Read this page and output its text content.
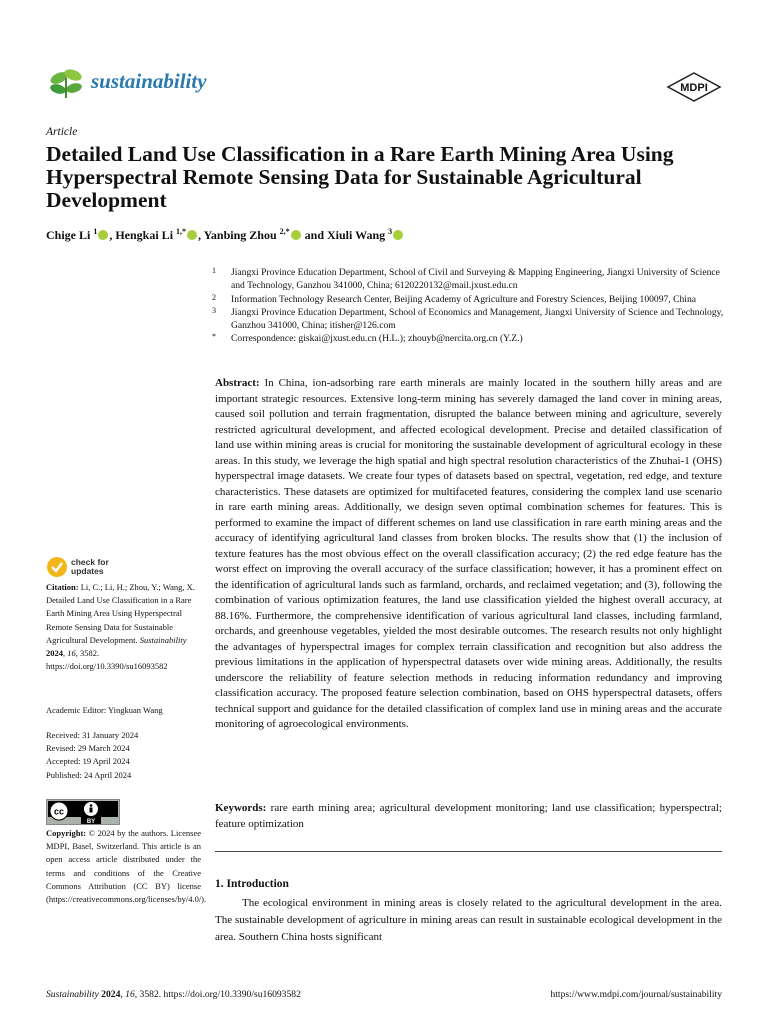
sustainability	MDPI
Article
Detailed Land Use Classification in a Rare Earth Mining Area Using Hyperspectral Remote Sensing Data for Sustainable Agricultural Development
Chige Li $^1$ , Hengkai Li $^{1,*}$ , Yanbing Zhou $^{2,*}$ and Xiuli Wang $^3$
1 Jiangxi Province Education Department, School of Civil and Surveying & Mapping Engineering, Jiangxi University of Science and Technology, Ganzhou 341000, China; 6120220132@mail.jxust.edu.cn
2 Information Technology Research Center, Beijing Academy of Agriculture and Forestry Sciences, Beijing 100097, China
3 Jiangxi Province Education Department, School of Economics and Management, Jiangxi University of Science and Technology, Ganzhou 341000, China; itisher@126.com
* Correspondence: giskai@jxust.edu.cn (H.L.); zhouyb@nercita.org.cn (Y.Z.)
Abstract: In China, ion-adsorbing rare earth minerals are mainly located in the southern hilly areas and are important strategic resources. Extensive long-term mining has severely damaged the land cover in mining areas, caused soil pollution and terrain fragmentation, disrupted the balance between mining and agriculture, severely restricted agricultural development, and affected ecological development. Precise and detailed classification of land use within mining areas is crucial for monitoring the sustainable development of agricultural ecology in these areas. In this study, we leverage the high spatial and high spectral resolution characteristics of the Zhuhai-1 (OHS) hyperspectral image datasets. We create four types of datasets based on spectral, vegetation, red edge, and texture characteristics. These datasets are optimized for multifaceted features, considering the complex land use scenario in rare earth mining areas. Additionally, we design seven optimal combination schemes for features. This is performed to examine the impact of different schemes on land use classification in rare earth mining areas and the accuracy of identifying agricultural land classes from broken blocks. The results show that (1) the inclusion of texture features has the most obvious effect on the overall classification accuracy; (2) the red edge feature has the worst effect on improving the overall accuracy of the surface classification; however, it has a prominent effect on the identification of agricultural lands such as farmland, orchards, and reclaimed vegetation; and (3), following the combination of various optimization features, the land use classification yielded the highest overall accuracy, at 88.16%. Furthermore, the comprehensive identification of various agricultural land classes, including farmland, orchards, and greenhouse vegetables, yielded the most desirable outcomes. The research results not only highlight the advantages of hyperspectral images for complex terrain classification and recognition but also address the previous limitations in the application of hyperspectral datasets over wide mining areas. Additionally, the results underscore the reliability of feature selection methods in reducing information redundancy and improving classification accuracy. The proposed feature selection combination, based on OHS hyperspectral datasets, offers technical support and guidance for the detailed classification of complex land use in mining areas and the accurate monitoring of agroecological environments.
Keywords: rare earth mining area; agricultural development monitoring; land use classification; hyperspectral; feature optimization
1. Introduction
The ecological environment in mining areas is closely related to the agricultural development in the area. The sustainable development of agriculture in mining areas can result in sustainable ecological development in the area. Southern China hosts significant
check for
updates
Citation: Li, C.; Li, H.; Zhou, Y.; Wang, X. Detailed Land Use Classification in a Rare Earth Mining Area Using Hyperspectral Remote Sensing Data for Sustainable Agricultural Development. Sustainability 2024, 16, 3582. https://doi.org/10.3390/su16093582
Academic Editor: Yingkuan Wang
Received: 31 January 2024
Revised: 29 March 2024
Accepted: 19 April 2024
Published: 24 April 2024
cc
BY
Copyright: © 2024 by the authors. Licensee MDPI, Basel, Switzerland. This article is an open access article distributed under the terms and conditions of the Creative Commons Attribution (CC BY) license (https://creativecommons.org/licenses/by/4.0/).
Sustainability 2024, 16, 3582. https://doi.org/10.3390/su16093582	https://www.mdpi.com/journal/sustainability
